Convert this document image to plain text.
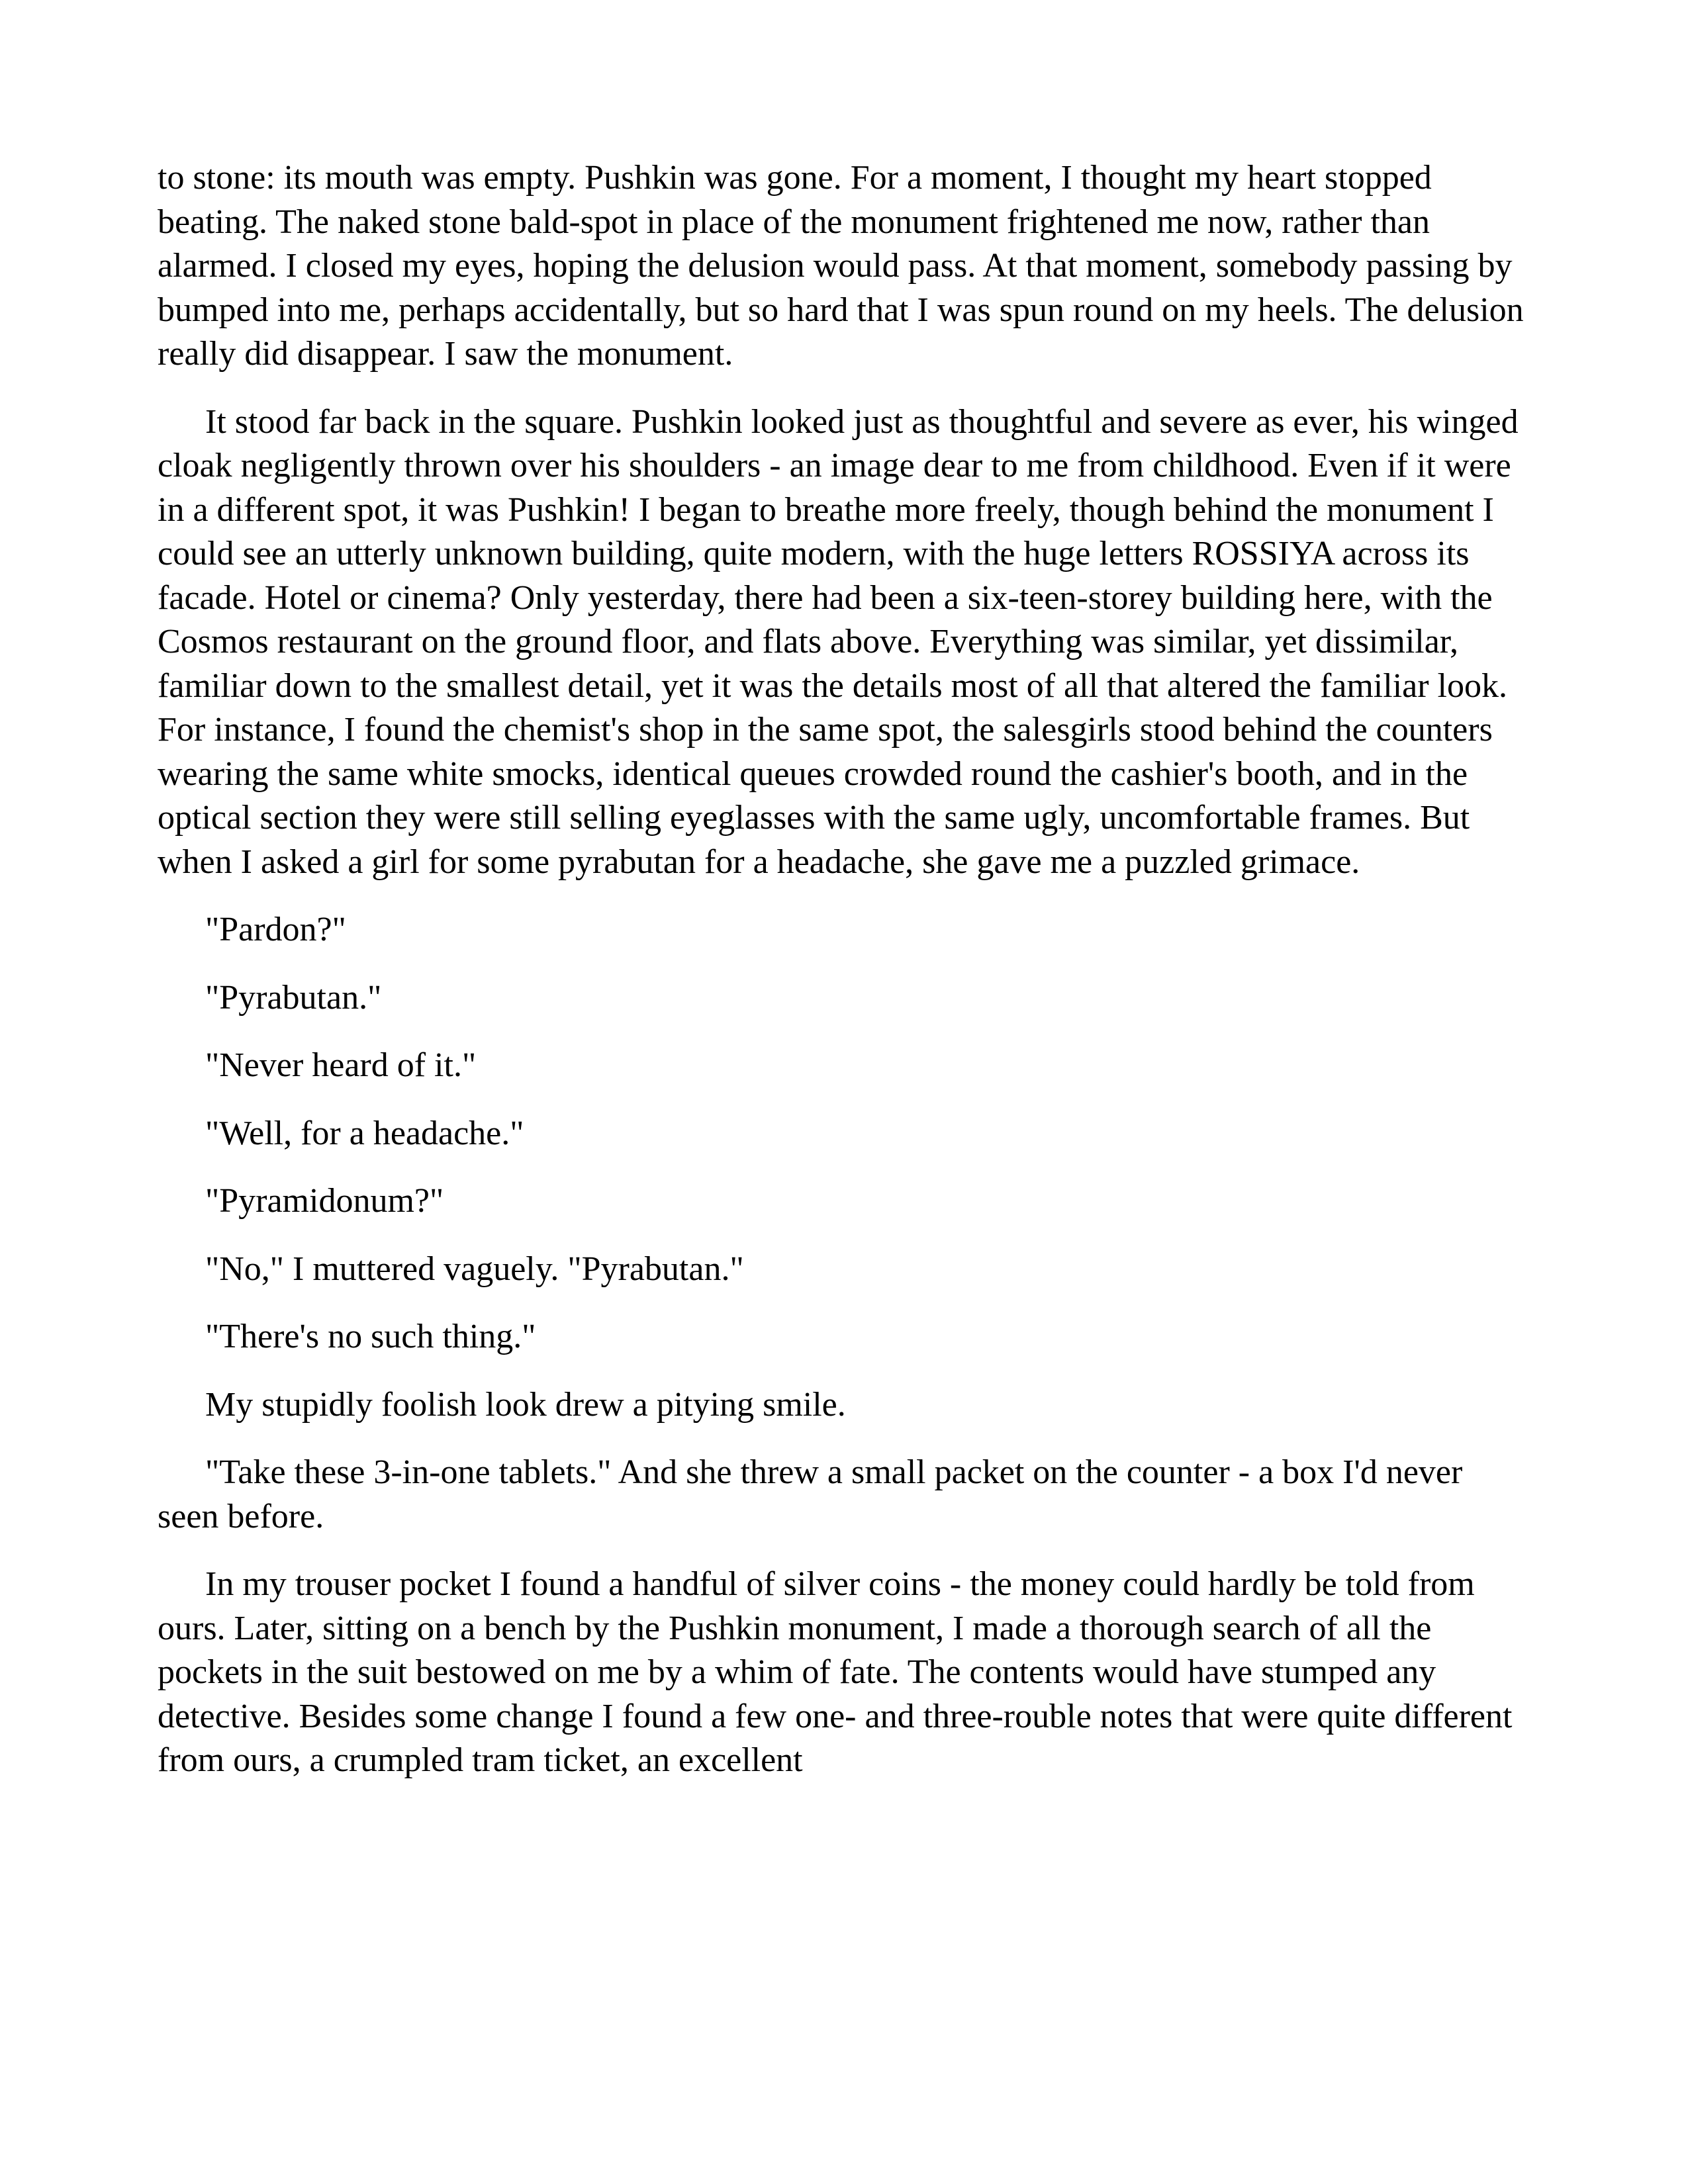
to stone: its mouth was empty. Pushkin was gone. For a moment, I thought my heart stopped beating. The naked stone bald-spot in place of the monument frightened me now, rather than alarmed. I closed my eyes, hoping the delusion would pass. At that moment, somebody passing by bumped into me, perhaps accidentally, but so hard that I was spun round on my heels. The delusion really did disappear. I saw the monument.

It stood far back in the square. Pushkin looked just as thoughtful and severe as ever, his winged cloak negligently thrown over his shoulders - an image dear to me from childhood. Even if it were in a different spot, it was Pushkin! I began to breathe more freely, though behind the monument I could see an utterly unknown building, quite modern, with the huge letters ROSSIYA across its facade. Hotel or cinema? Only yesterday, there had been a six-teen-storey building here, with the Cosmos restaurant on the ground floor, and flats above. Everything was similar, yet dissimilar, familiar down to the smallest detail, yet it was the details most of all that altered the familiar look. For instance, I found the chemist's shop in the same spot, the salesgirls stood behind the counters wearing the same white smocks, identical queues crowded round the cashier's booth, and in the optical section they were still selling eyeglasses with the same ugly, uncomfortable frames. But when I asked a girl for some pyrabutan for a headache, she gave me a puzzled grimace.

"Pardon?"

"Pyrabutan."

"Never heard of it."

"Well, for a headache."

"Pyramidonum?"

"No," I muttered vaguely. "Pyrabutan."

"There's no such thing."

My stupidly foolish look drew a pitying smile.

"Take these 3-in-one tablets." And she threw a small packet on the counter - a box I'd never seen before.

In my trouser pocket I found a handful of silver coins - the money could hardly be told from ours. Later, sitting on a bench by the Pushkin monument, I made a thorough search of all the pockets in the suit bestowed on me by a whim of fate. The contents would have stumped any detective. Besides some change I found a few one- and three-rouble notes that were quite different from ours, a crumpled tram ticket, an excellent
